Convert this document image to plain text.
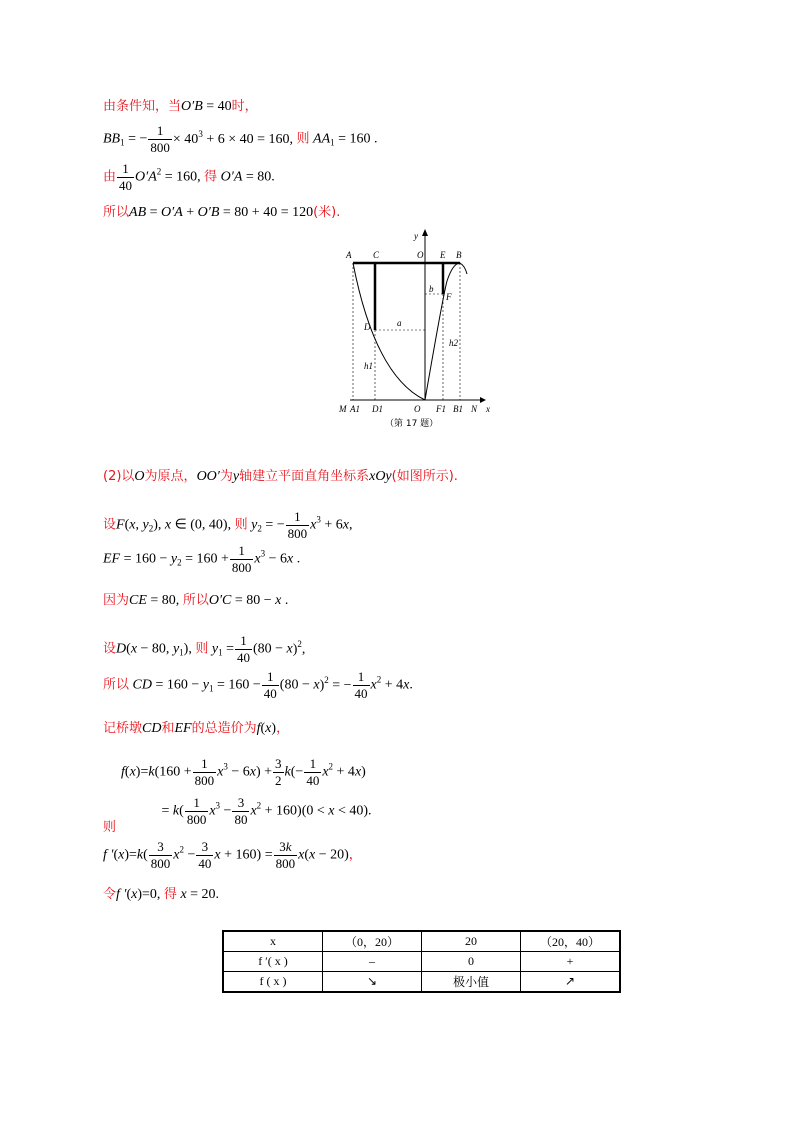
由条件知，当O′B = 40时，
$BB_1$ = − $\frac{1}{800} \times 40^3 + 6 \times 40 = 160$, 则 $AA_1 = 160$ .
由 $\frac{1}{40} O'A^2 = 160$, 得 O′A = 80.
所以AB = O′A + O′B = 80 + 40 = 120(米).
A C	O' E B
y
b
F
a
D
h1
h2
M A1 D1	O F1 B1 N x
（第 17 题）
(2)以O为原点，OO′为y轴建立平面直角坐标系xOy(如图所示).
设F(x, $y_2$), x ∈ (0, 40), 则 $y_2$ = − $\frac{1}{800} x^3 + 6x$,
EF = $160 - y_2 = 160 + \frac{1}{800} x^3 - 6x$ .
因为CE = 80, 所以O′C = 80 − x .
设D(x − 80, $y_1$), 则 $y_1 = \frac{1}{40} (80 - x)^2$,
所以 CD = $160 - y_1 = 160 - \frac{1}{40} (80 - x)^2$ = − $\frac{1}{40} x^2 + 4x$.
记桥墩CD和EF的总造价为f(x)，
$f(x)=k(160 + \frac{1}{800} x^3 - 6x) + \frac{3}{2} k(- \frac{1}{40} x^2 + 4x)$
则 = $k( \frac{1}{800} x^3 - \frac{3}{80} x^2 + 160)(0 < x < 40)$.
f $'(x)=k( \frac{3}{800} x^2 - \frac{3}{40}$ $x + 160) = \frac{3k}{800} x(x - 20)$，
令f ′(x)=0, 得 x = 20.
x	（0，20）	20	（20，40）
f ′( x )	–	0	+
f ( x )	↘	极小值	↗
